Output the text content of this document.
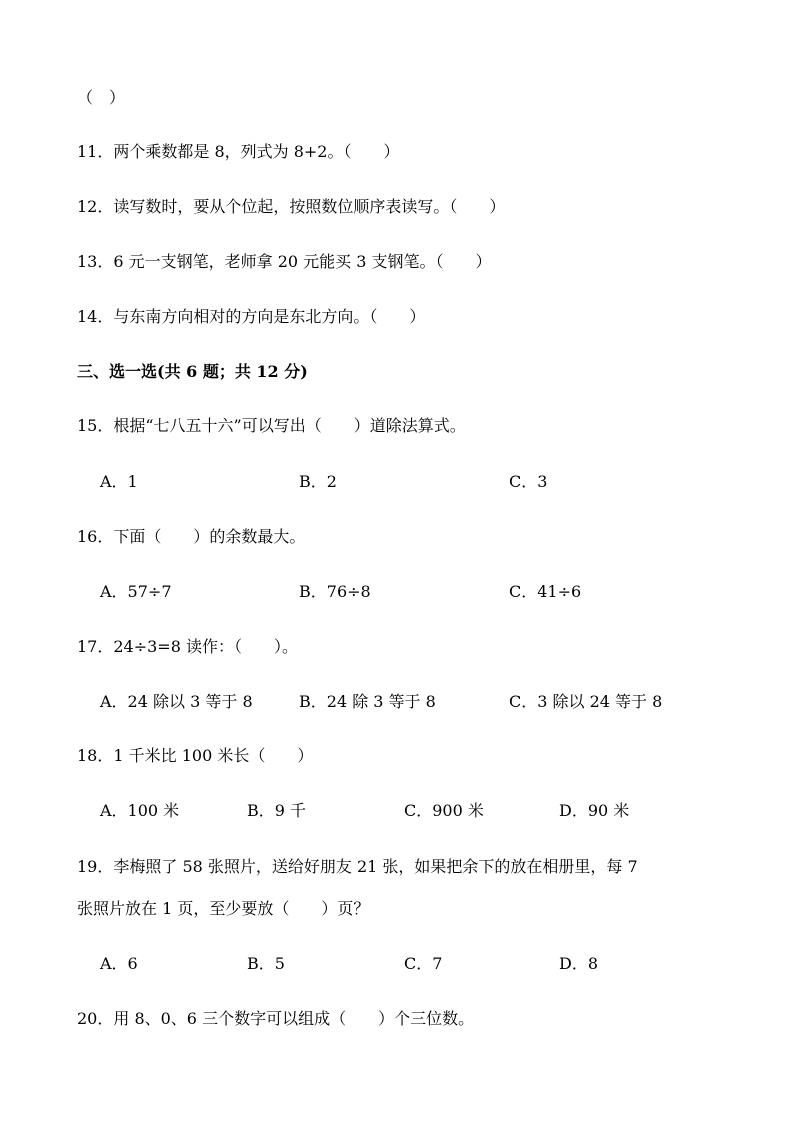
（　）
11．两个乘数都是 8，列式为 8+2。（　　）
12．读写数时，要从个位起，按照数位顺序表读写。（　　）
13．6 元一支钢笔，老师拿 20 元能买 3 支钢笔。（　　）
14．与东南方向相对的方向是东北方向。（　　）
三、选一选(共 6 题；共 12 分)
15．根据“七八五十六”可以写出（　　）道除法算式。
A．1	B．2	C．3
16．下面（　　）的余数最大。
A．57÷7	B．76÷8	C．41÷6
17．24÷3=8 读作：（　　）。
A．24 除以 3 等于 8	B．24 除 3 等于 8	C．3 除以 24 等于 8
18．1 千米比 100 米长（　　）
A．100 米	B．9 千	C．900 米	D．90 米
19．李梅照了 58 张照片，送给好朋友 21 张，如果把余下的放在相册里，每 7
张照片放在 1 页，至少要放（　　）页？
A．6	B．5	C．7	D．8
20．用 8、0、6 三个数字可以组成（　　）个三位数。
